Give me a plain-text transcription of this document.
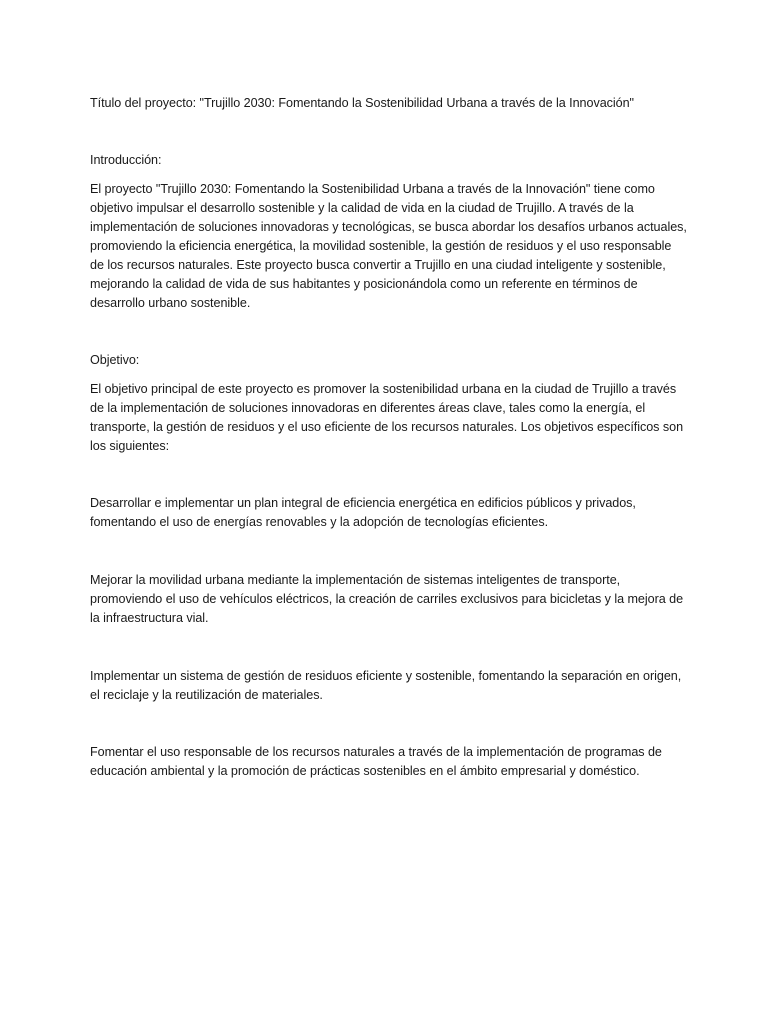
Título del proyecto: "Trujillo 2030: Fomentando la Sostenibilidad Urbana a través de la Innovación"

Introducción:

El proyecto "Trujillo 2030: Fomentando la Sostenibilidad Urbana a través de la Innovación" tiene como objetivo impulsar el desarrollo sostenible y la calidad de vida en la ciudad de Trujillo. A través de la implementación de soluciones innovadoras y tecnológicas, se busca abordar los desafíos urbanos actuales, promoviendo la eficiencia energética, la movilidad sostenible, la gestión de residuos y el uso responsable de los recursos naturales. Este proyecto busca convertir a Trujillo en una ciudad inteligente y sostenible, mejorando la calidad de vida de sus habitantes y posicionándola como un referente en términos de desarrollo urbano sostenible.

Objetivo:

El objetivo principal de este proyecto es promover la sostenibilidad urbana en la ciudad de Trujillo a través de la implementación de soluciones innovadoras en diferentes áreas clave, tales como la energía, el transporte, la gestión de residuos y el uso eficiente de los recursos naturales. Los objetivos específicos son los siguientes:

Desarrollar e implementar un plan integral de eficiencia energética en edificios públicos y privados, fomentando el uso de energías renovables y la adopción de tecnologías eficientes.

Mejorar la movilidad urbana mediante la implementación de sistemas inteligentes de transporte, promoviendo el uso de vehículos eléctricos, la creación de carriles exclusivos para bicicletas y la mejora de la infraestructura vial.

Implementar un sistema de gestión de residuos eficiente y sostenible, fomentando la separación en origen, el reciclaje y la reutilización de materiales.

Fomentar el uso responsable de los recursos naturales a través de la implementación de programas de educación ambiental y la promoción de prácticas sostenibles en el ámbito empresarial y doméstico.
